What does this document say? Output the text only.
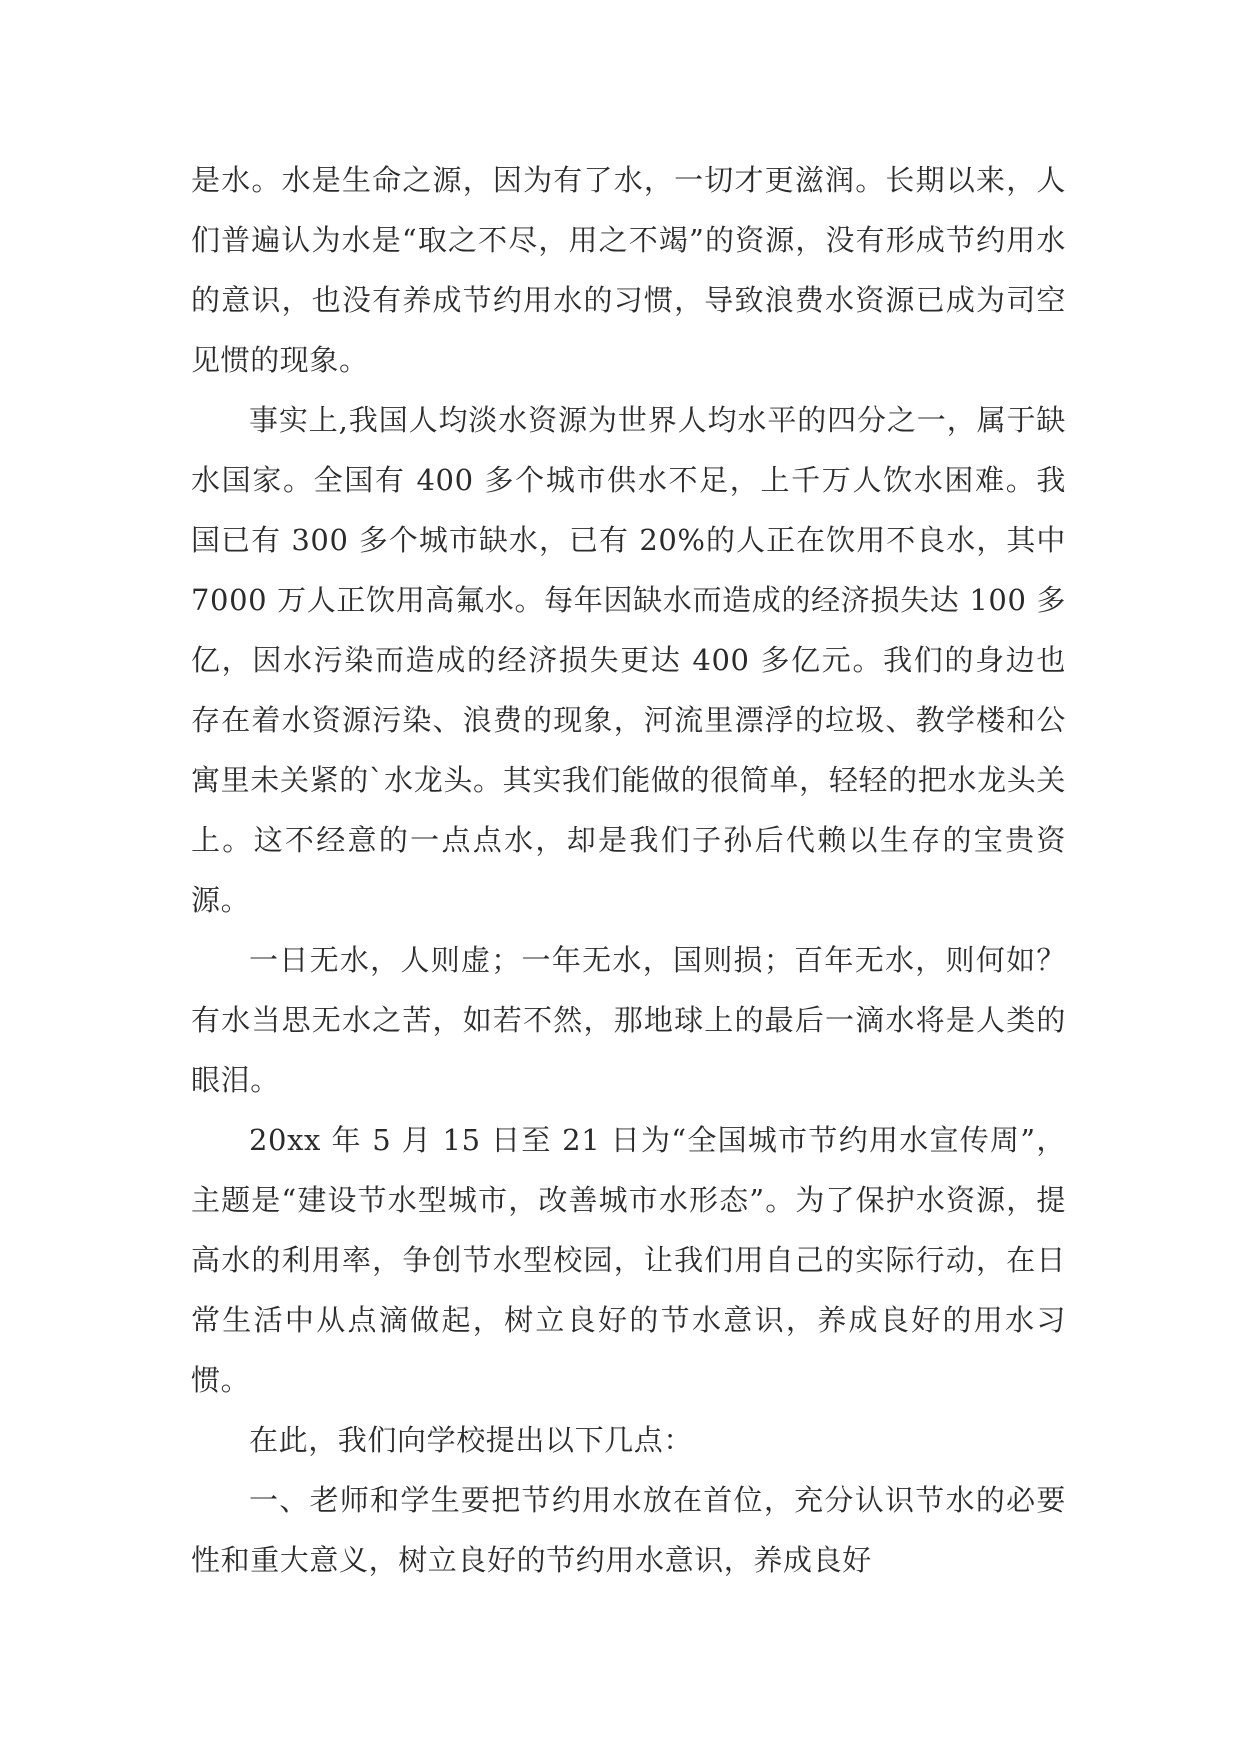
是水。水是生命之源，因为有了水，一切才更滋润。长期以来，人们普遍认为水是“取之不尽，用之不竭”的资源，没有形成节约用水的意识，也没有养成节约用水的习惯，导致浪费水资源已成为司空见惯的现象。

事实上,我国人均淡水资源为世界人均水平的四分之一，属于缺水国家。全国有 400 多个城市供水不足，上千万人饮水困难。我国已有 300 多个城市缺水，已有 20%的人正在饮用不良水，其中 7000 万人正饮用高氟水。每年因缺水而造成的经济损失达 100 多亿，因水污染而造成的经济损失更达 400 多亿元。我们的身边也存在着水资源污染、浪费的现象，河流里漂浮的垃圾、教学楼和公寓里未关紧的`水龙头。其实我们能做的很简单，轻轻的把水龙头关上。这不经意的一点点水，却是我们子孙后代赖以生存的宝贵资源。

一日无水，人则虚；一年无水，国则损；百年无水，则何如？有水当思无水之苦，如若不然，那地球上的最后一滴水将是人类的眼泪。

20xx 年 5 月 15 日至 21 日为“全国城市节约用水宣传周”，主题是“建设节水型城市，改善城市水形态”。为了保护水资源，提高水的利用率，争创节水型校园，让我们用自己的实际行动，在日常生活中从点滴做起，树立良好的节水意识，养成良好的用水习惯。

在此，我们向学校提出以下几点：

一、老师和学生要把节约用水放在首位，充分认识节水的必要性和重大意义，树立良好的节约用水意识，养成良好
